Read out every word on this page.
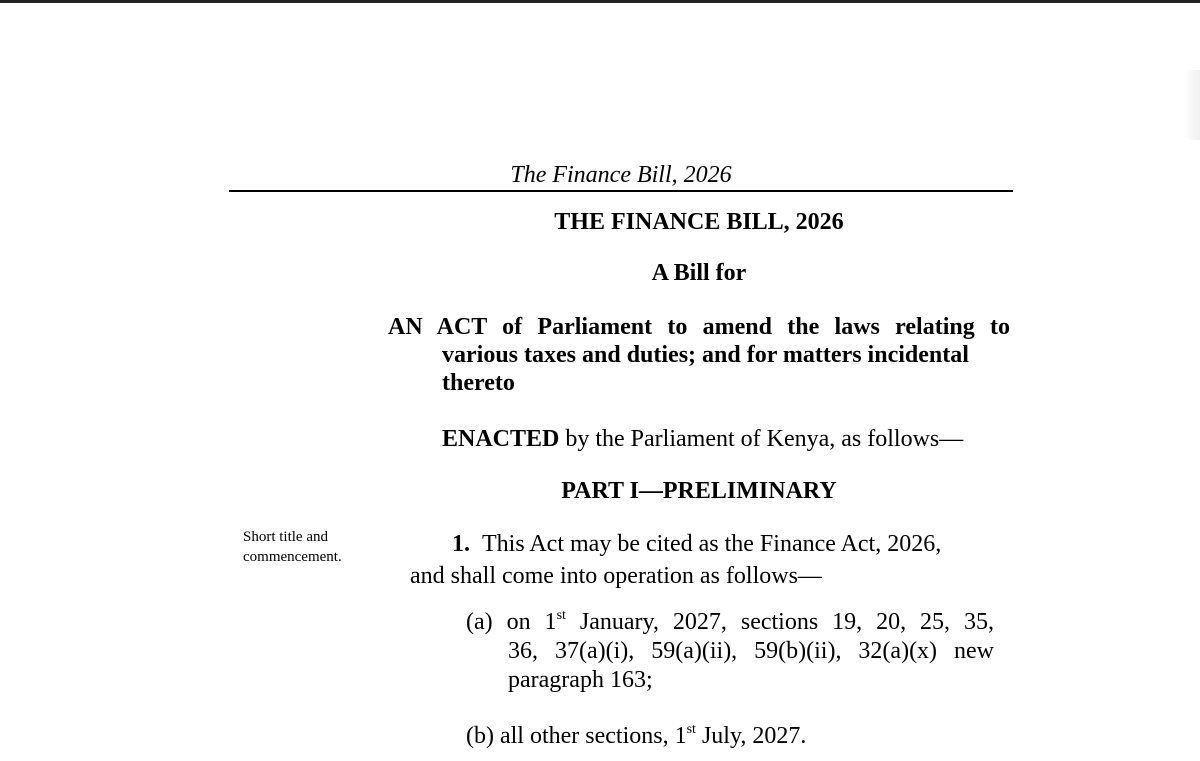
The Finance Bill, 2026

THE FINANCE BILL, 2026

A Bill for

AN ACT of Parliament to amend the laws relating to
various taxes and duties; and for matters incidental
thereto

ENACTED by the Parliament of Kenya, as follows—

PART I—PRELIMINARY

Short title and
commencement.	1. This Act may be cited as the Finance Act, 2026,
and shall come into operation as follows—
(a) on 1st January, 2027, sections 19, 20, 25, 35,
36, 37(a)(i), 59(a)(ii), 59(b)(ii), 32(a)(x) new
paragraph 163;
(b) all other sections, 1st July, 2027.
